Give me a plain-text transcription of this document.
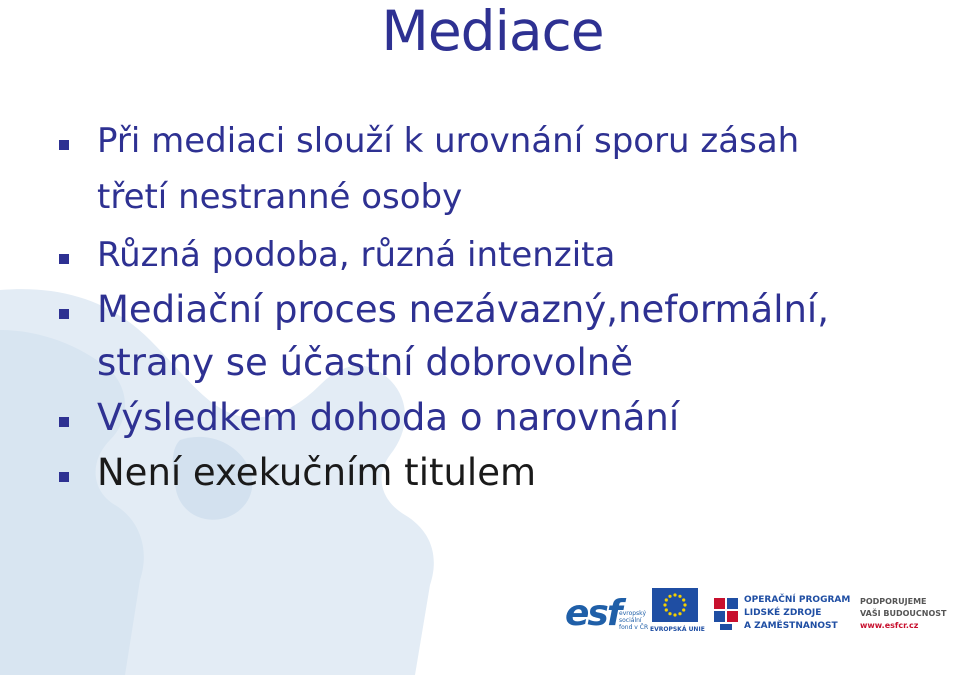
Mediace
Při mediaci slouží k urovnání sporu zásah
třetí nestranné osoby
Různá podoba, různá intenzita
Mediační proces nezávazný,neformální,
strany se účastní dobrovolně
Výsledkem dohoda o narovnání
Není exekučním titulem
esf
evropský
sociální
fond v ČR EVROPSKÁ UNIE
OPERAČNÍ PROGRAM
LIDSKÉ ZDROJE
A ZAMĚSTNANOST
PODPORUJEME
VAŠI BUDOUCNOST
www.esfcr.cz
